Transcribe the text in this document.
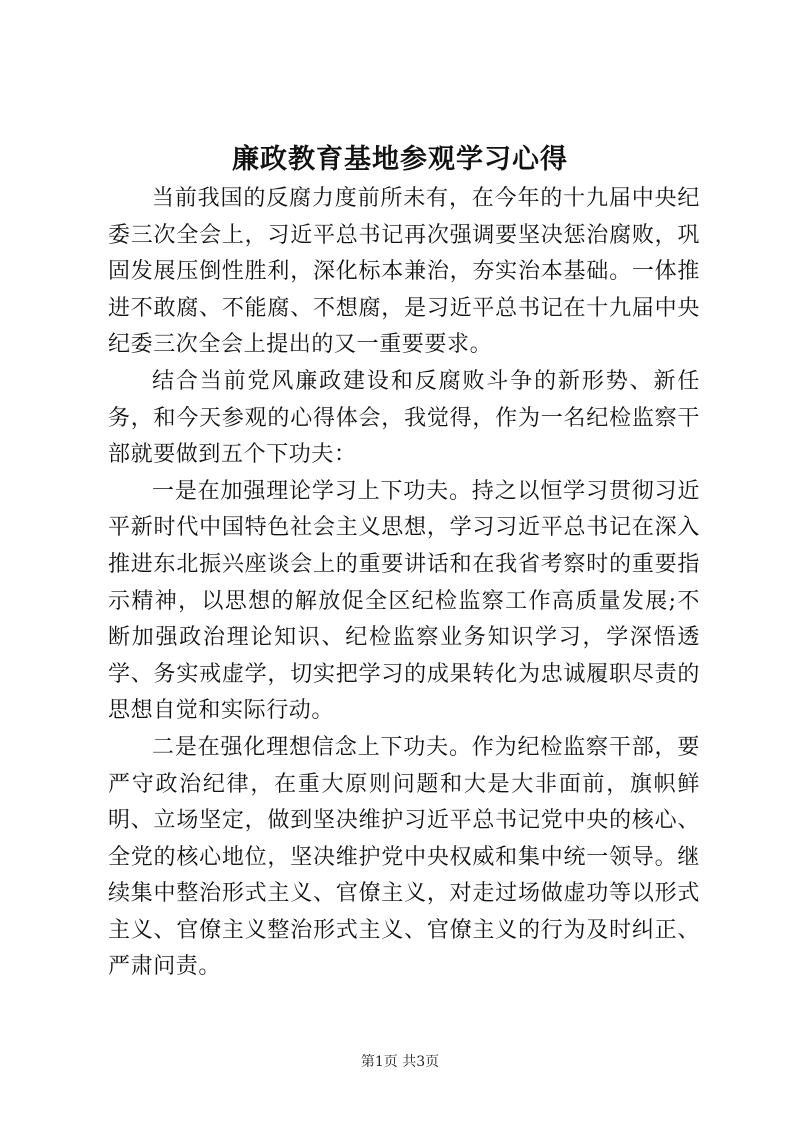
廉政教育基地参观学习心得

当前我国的反腐力度前所未有，在今年的十九届中央纪委三次全会上，习近平总书记再次强调要坚决惩治腐败，巩固发展压倒性胜利，深化标本兼治，夯实治本基础。一体推进不敢腐、不能腐、不想腐，是习近平总书记在十九届中央纪委三次全会上提出的又一重要要求。

结合当前党风廉政建设和反腐败斗争的新形势、新任务，和今天参观的心得体会，我觉得，作为一名纪检监察干部就要做到五个下功夫：

一是在加强理论学习上下功夫。持之以恒学习贯彻习近平新时代中国特色社会主义思想，学习习近平总书记在深入推进东北振兴座谈会上的重要讲话和在我省考察时的重要指示精神，以思想的解放促全区纪检监察工作高质量发展;不断加强政治理论知识、纪检监察业务知识学习，学深悟透学、务实戒虚学，切实把学习的成果转化为忠诚履职尽责的思想自觉和实际行动。

二是在强化理想信念上下功夫。作为纪检监察干部，要严守政治纪律，在重大原则问题和大是大非面前，旗帜鲜明、立场坚定，做到坚决维护习近平总书记党中央的核心、全党的核心地位，坚决维护党中央权威和集中统一领导。继续集中整治形式主义、官僚主义，对走过场做虚功等以形式主义、官僚主义整治形式主义、官僚主义的行为及时纠正、严肃问责。

第1页 共3页
